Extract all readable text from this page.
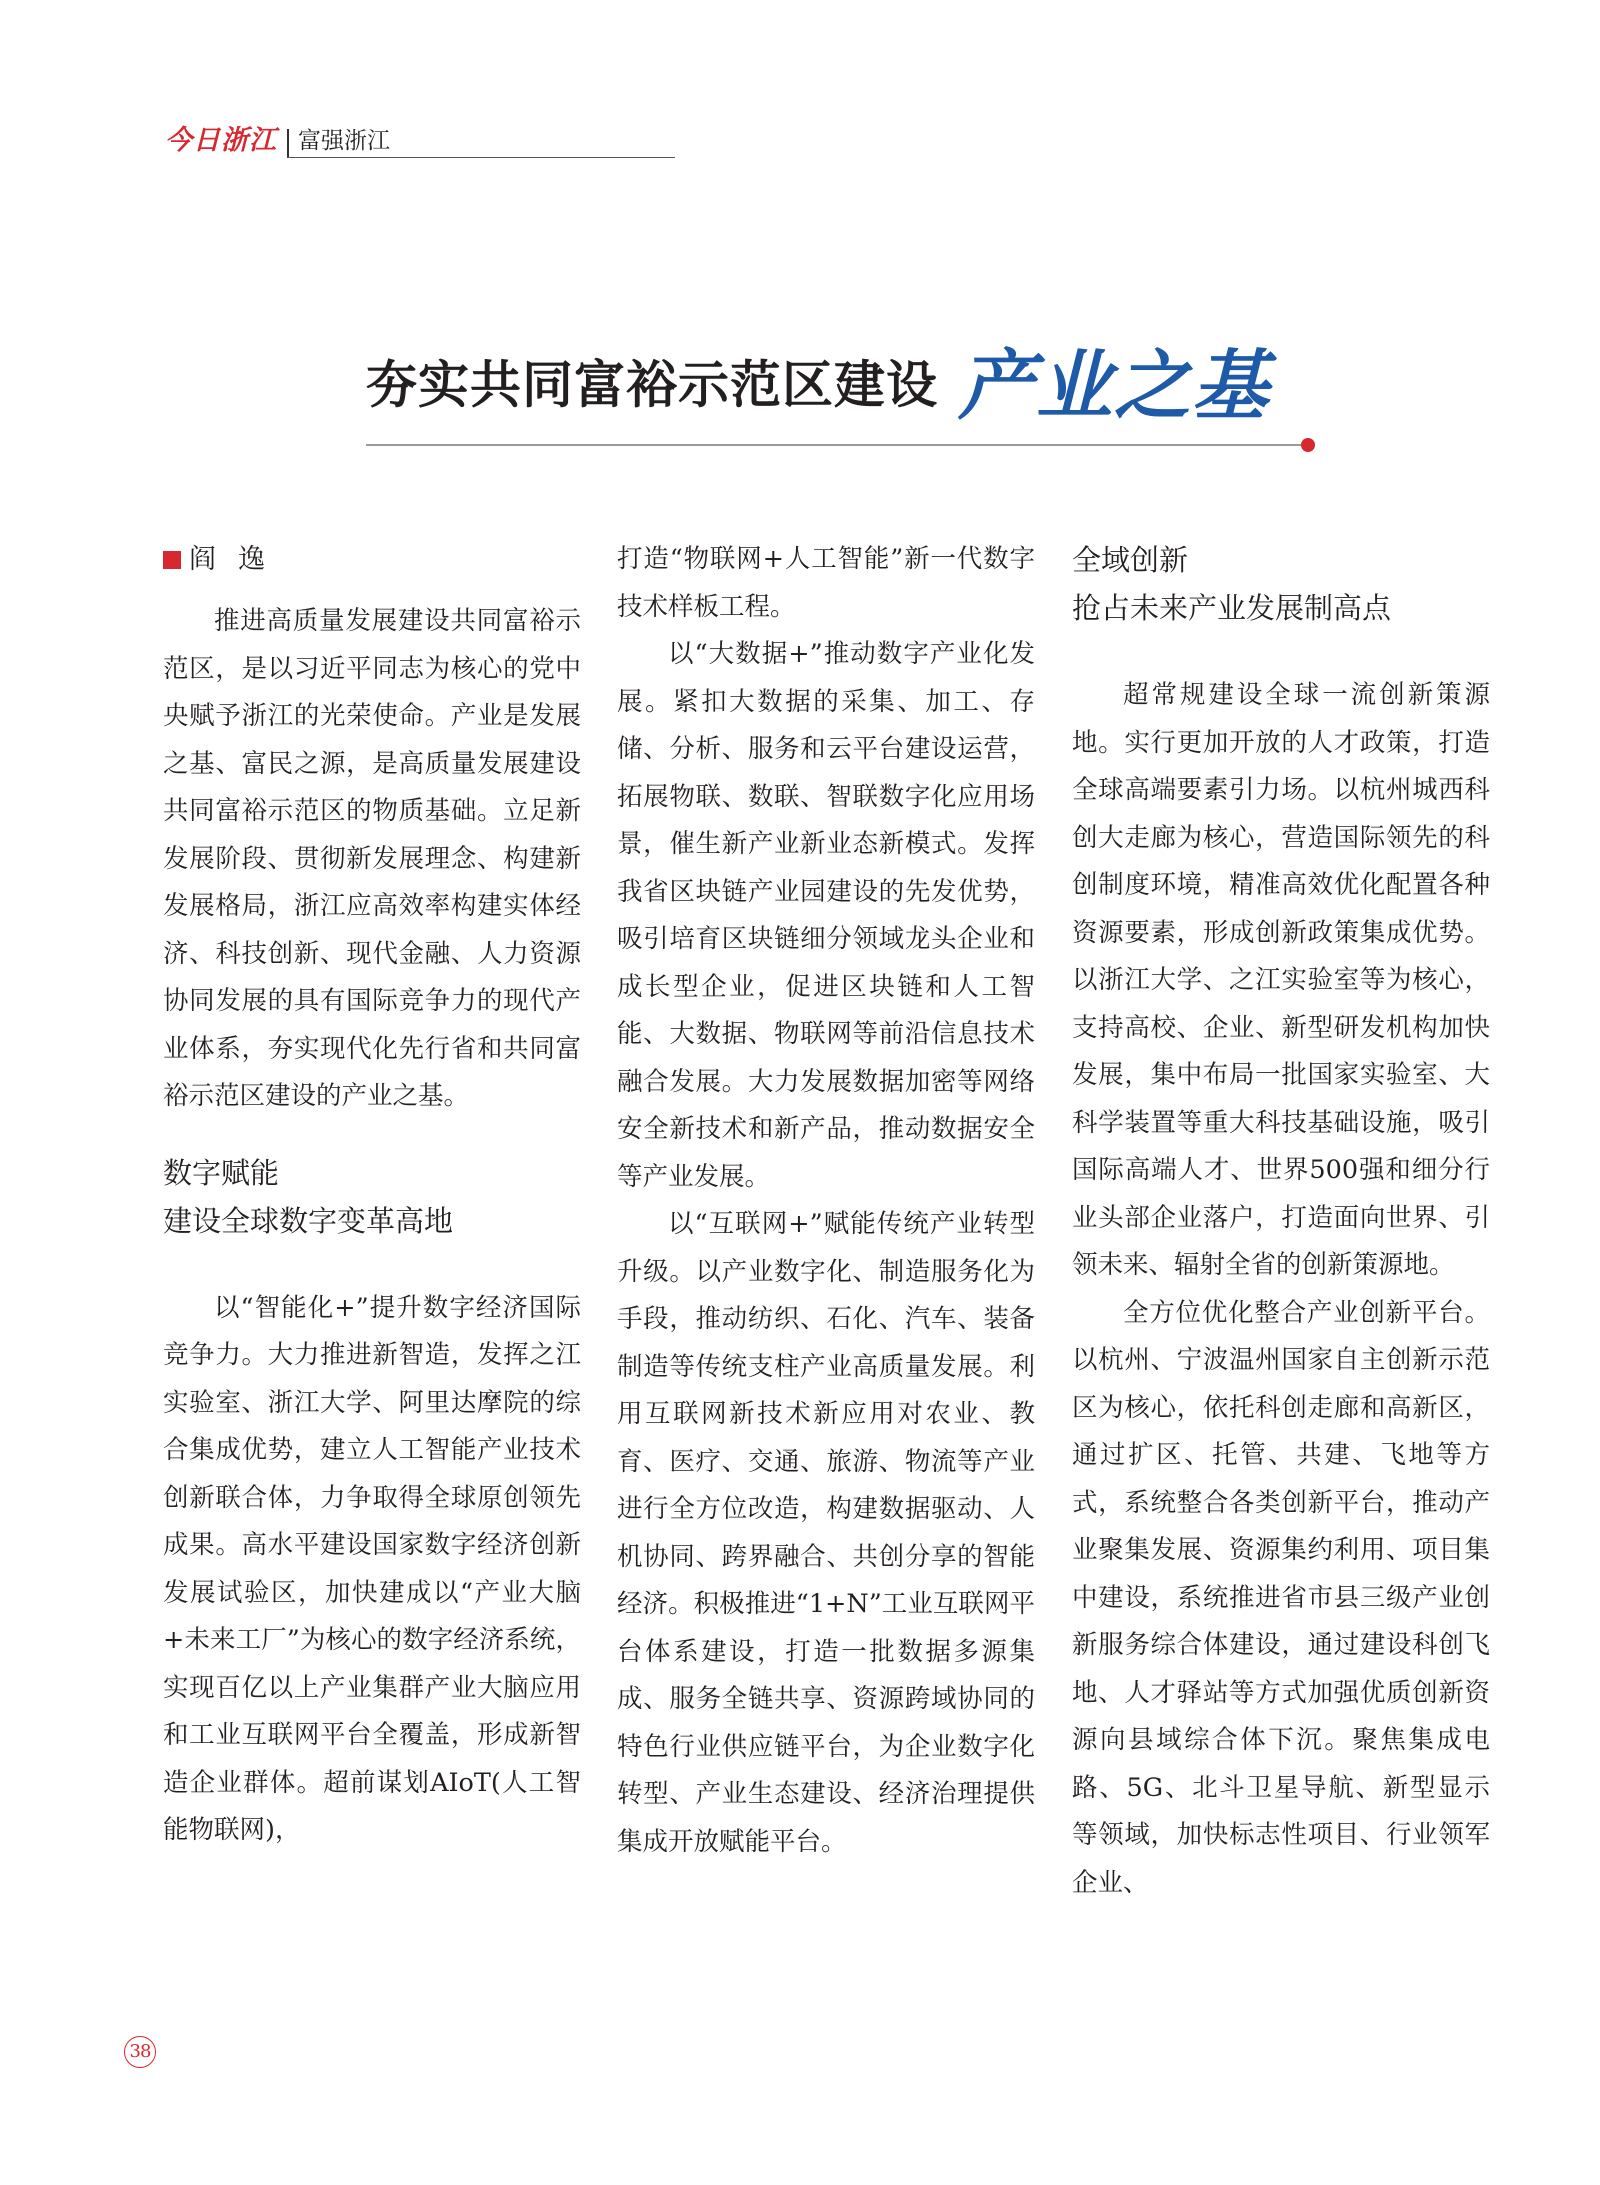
今日浙江 富强浙江
夯实共同富裕示范区建设 产业之基

阎逸

推进高质量发展建设共同富裕示范区，是以习近平同志为核心的党中央赋予浙江的光荣使命。产业是发展之基、富民之源，是高质量发展建设共同富裕示范区的物质基础。立足新发展阶段、贯彻新发展理念、构建新发展格局，浙江应高效率构建实体经济、科技创新、现代金融、人力资源协同发展的具有国际竞争力的现代产业体系，夯实现代化先行省和共同富裕示范区建设的产业之基。

数字赋能

建设全球数字变革高地

以“智能化+”提升数字经济国际竞争力。大力推进新智造，发挥之江实验室、浙江大学、阿里达摩院的综合集成优势，建立人工智能产业技术创新联合体，力争取得全球原创领先成果。高水平建设国家数字经济创新发展试验区，加快建成以“产业大脑+未来工厂”为核心的数字经济系统，实现百亿以上产业集群产业大脑应用和工业互联网平台全覆盖，形成新智造企业群体。超前谋划AIoT(人工智能物联网)，

打造“物联网+人工智能”新一代数字技术样板工程。

以“大数据+”推动数字产业化发展。紧扣大数据的采集、加工、存储、分析、服务和云平台建设运营，拓展物联、数联、智联数字化应用场景，催生新产业新业态新模式。发挥我省区块链产业园建设的先发优势，吸引培育区块链细分领域龙头企业和成长型企业，促进区块链和人工智能、大数据、物联网等前沿信息技术融合发展。大力发展数据加密等网络安全新技术和新产品，推动数据安全等产业发展。

以“互联网+”赋能传统产业转型升级。以产业数字化、制造服务化为手段，推动纺织、石化、汽车、装备制造等传统支柱产业高质量发展。利用互联网新技术新应用对农业、教育、医疗、交通、旅游、物流等产业进行全方位改造，构建数据驱动、人机协同、跨界融合、共创分享的智能经济。积极推进“1+N”工业互联网平台体系建设，打造一批数据多源集成、服务全链共享、资源跨域协同的特色行业供应链平台，为企业数字化转型、产业生态建设、经济治理提供集成开放赋能平台。

全域创新

抢占未来产业发展制高点

超常规建设全球一流创新策源地。实行更加开放的人才政策，打造全球高端要素引力场。以杭州城西科创大走廊为核心，营造国际领先的科创制度环境，精准高效优化配置各种资源要素，形成创新政策集成优势。以浙江大学、之江实验室等为核心，支持高校、企业、新型研发机构加快发展，集中布局一批国家实验室、大科学装置等重大科技基础设施，吸引国际高端人才、世界500强和细分行业头部企业落户，打造面向世界、引领未来、辐射全省的创新策源地。

全方位优化整合产业创新平台。以杭州、宁波温州国家自主创新示范区为核心，依托科创走廊和高新区，通过扩区、托管、共建、飞地等方式，系统整合各类创新平台，推动产业聚集发展、资源集约利用、项目集中建设，系统推进省市县三级产业创新服务综合体建设，通过建设科创飞地、人才驿站等方式加强优质创新资源向县域综合体下沉。聚焦集成电路、5G、北斗卫星导航、新型显示等领域，加快标志性项目、行业领军企业、

38
